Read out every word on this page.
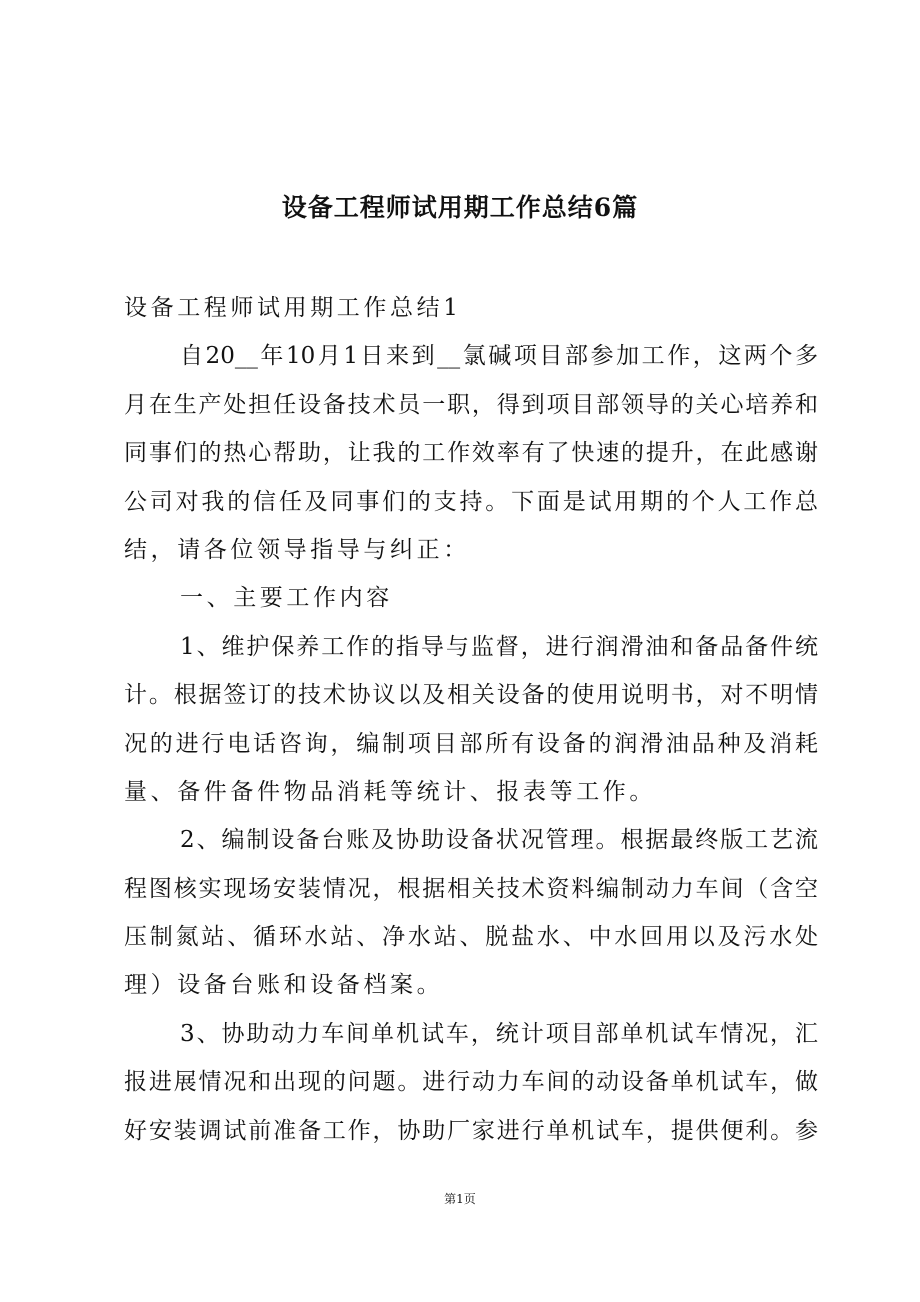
设备工程师试用期工作总结6篇
设备工程师试用期工作总结1
自20__年10月1日来到__氯碱项目部参加工作，这两个多
月在生产处担任设备技术员一职，得到项目部领导的关心培养和
同事们的热心帮助，让我的工作效率有了快速的提升，在此感谢
公司对我的信任及同事们的支持。下面是试用期的个人工作总
结，请各位领导指导与纠正：
一、主要工作内容
1、维护保养工作的指导与监督，进行润滑油和备品备件统
计。根据签订的技术协议以及相关设备的使用说明书，对不明情
况的进行电话咨询，编制项目部所有设备的润滑油品种及消耗
量、备件备件物品消耗等统计、报表等工作。
2、编制设备台账及协助设备状况管理。根据最终版工艺流
程图核实现场安装情况，根据相关技术资料编制动力车间（含空
压制氮站、循环水站、净水站、脱盐水、中水回用以及污水处
理）设备台账和设备档案。
3、协助动力车间单机试车，统计项目部单机试车情况，汇
报进展情况和出现的问题。进行动力车间的动设备单机试车，做
好安装调试前准备工作，协助厂家进行单机试车，提供便利。参
第1页
